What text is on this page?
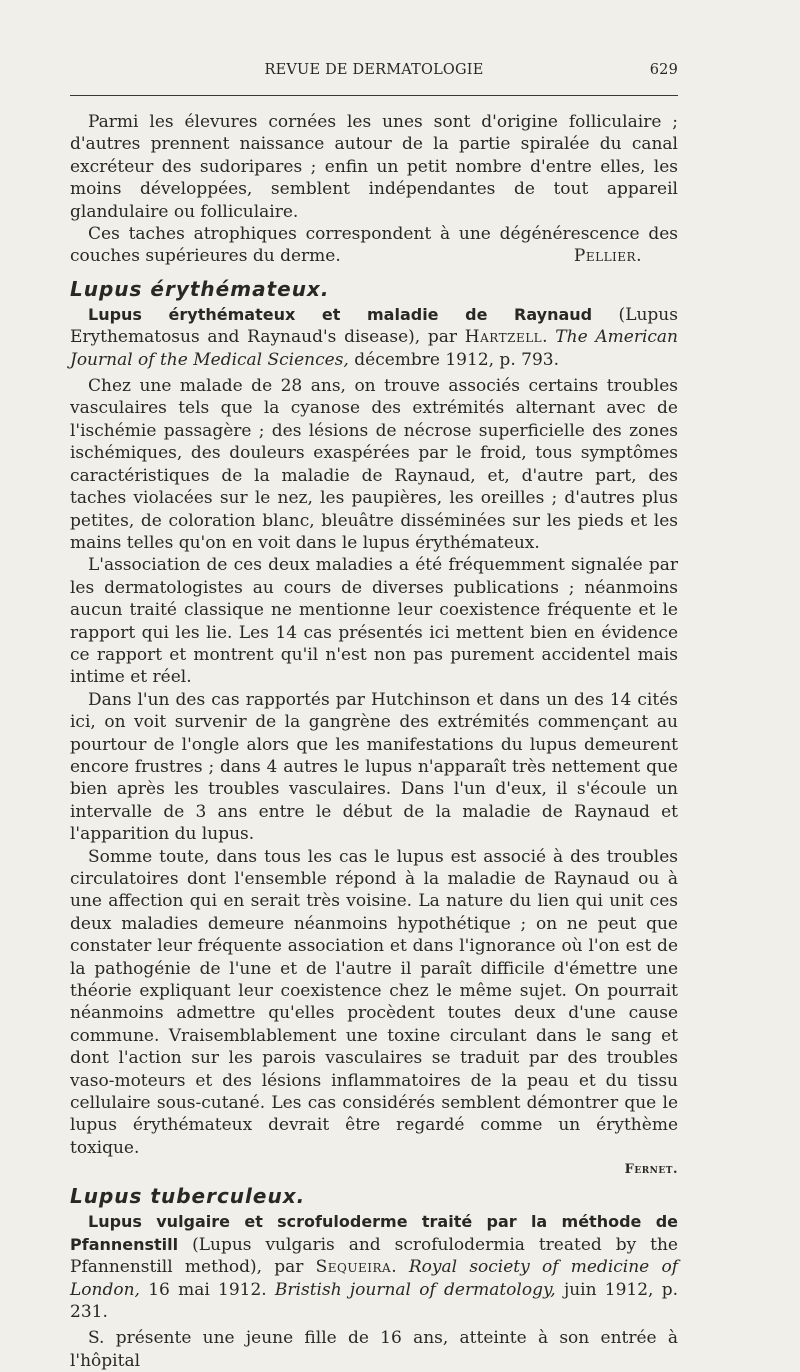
REVUE DE DERMATOLOGIE	629

Parmi les élevures cornées les unes sont d'origine folliculaire ; d'autres prennent naissance autour de la partie spiralée du canal excréteur des sudoripares ; enfin un petit nombre d'entre elles, les moins développées, semblent indépendantes de tout appareil glandulaire ou folliculaire.

Ces taches atrophiques correspondent à une dégénérescence des couches supérieures du derme.	Pellier.

Lupus érythémateux.

Lupus érythémateux et maladie de Raynaud (Lupus Erythematosus and Raynaud's disease), par Hartzell. The American Journal of the Medical Sciences, décembre 1912, p. 793.

Chez une malade de 28 ans, on trouve associés certains troubles vasculaires tels que la cyanose des extrémités alternant avec de l'ischémie passagère ; des lésions de nécrose superficielle des zones ischémiques, des douleurs exaspérées par le froid, tous symptômes caractéristiques de la maladie de Raynaud, et, d'autre part, des taches violacées sur le nez, les paupières, les oreilles ; d'autres plus petites, de coloration blanc, bleuâtre disséminées sur les pieds et les mains telles qu'on en voit dans le lupus érythémateux.

L'association de ces deux maladies a été fréquemment signalée par les dermatologistes au cours de diverses publications ; néanmoins aucun traité classique ne mentionne leur coexistence fréquente et le rapport qui les lie. Les 14 cas présentés ici mettent bien en évidence ce rapport et montrent qu'il n'est non pas purement accidentel mais intime et réel.

Dans l'un des cas rapportés par Hutchinson et dans un des 14 cités ici, on voit survenir de la gangrène des extrémités commençant au pourtour de l'ongle alors que les manifestations du lupus demeurent encore frustres ; dans 4 autres le lupus n'apparaît très nettement que bien après les troubles vasculaires. Dans l'un d'eux, il s'écoule un intervalle de 3 ans entre le début de la maladie de Raynaud et l'apparition du lupus.

Somme toute, dans tous les cas le lupus est associé à des troubles circulatoires dont l'ensemble répond à la maladie de Raynaud ou à une affection qui en serait très voisine. La nature du lien qui unit ces deux maladies demeure néanmoins hypothétique ; on ne peut que constater leur fréquente association et dans l'ignorance où l'on est de la pathogénie de l'une et de l'autre il paraît difficile d'émettre une théorie expliquant leur coexistence chez le même sujet. On pourrait néanmoins admettre qu'elles procèdent toutes deux d'une cause commune. Vraisemblablement une toxine circulant dans le sang et dont l'action sur les parois vasculaires se traduit par des troubles vaso-moteurs et des lésions inflammatoires de la peau et du tissu cellulaire sous-cutané. Les cas considérés semblent démontrer que le lupus érythémateux devrait être regardé comme un érythème toxique.

Fernet.

Lupus tuberculeux.

Lupus vulgaire et scrofuloderme traité par la méthode de Pfannenstill (Lupus vulgaris and scrofulodermia treated by the Pfannenstill method), par Sequeira. Royal society of medicine of London, 16 mai 1912. Bristish journal of dermatology, juin 1912, p. 231.

S. présente une jeune fille de 16 ans, atteinte à son entrée à l'hôpital
